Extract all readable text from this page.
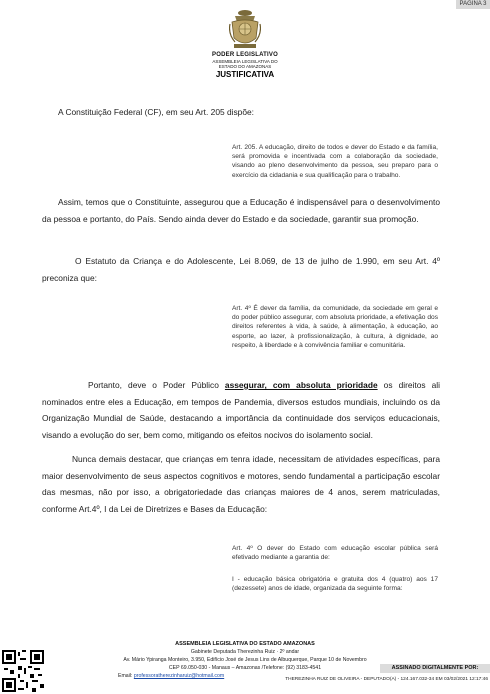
PAGINA 3
PODER LEGISLATIVO
ASSEMBLEIA LEGISLATIVA DO
ESTADO DO AMAZONAS
JUSTIFICATIVA

A Constituição Federal (CF), em seu Art. 205 dispõe:

Art. 205. A educação, direito de todos e dever do Estado e da família, será promovida e incentivada com a colaboração da sociedade, visando ao pleno desenvolvimento da pessoa, seu preparo para o exercício da cidadania e sua qualificação para o trabalho.

Assim, temos que o Constituinte, assegurou que a Educação é indispensável para o desenvolvimento da pessoa e portanto, do País. Sendo ainda dever do Estado e da sociedade, garantir sua promoção.

O Estatuto da Criança e do Adolescente, Lei 8.069, de 13 de julho de 1.990, em seu Art. 4º preconiza que:

Art. 4º É dever da família, da comunidade, da sociedade em geral e do poder público assegurar, com absoluta prioridade, a efetivação dos direitos referentes à vida, à saúde, à alimentação, à educação, ao esporte, ao lazer, à profissionalização, à cultura, à dignidade, ao respeito, à liberdade e à convivência familiar e comunitária.

Portanto, deve o Poder Público assegurar, com absoluta prioridade os direitos ali nominados entre eles a Educação, em tempos de Pandemia, diversos estudos mundiais, incluindo os da Organização Mundial de Saúde, destacando a importância da continuidade dos serviços educacionais, visando a evolução do ser, bem como, mitigando os efeitos nocivos do isolamento social.

Nunca demais destacar, que crianças em tenra idade, necessitam de atividades específicas, para maior desenvolvimento de seus aspectos cognitivos e motores, sendo fundamental a participação escolar das mesmas, não por isso, a obrigatoriedade das crianças maiores de 4 anos, serem matriculadas, conforme Art.4º, I da Lei de Diretrizes e Bases da Educação:

Art. 4º O dever do Estado com educação escolar pública será efetivado mediante a garantia de:

I - educação básica obrigatória e gratuita dos 4 (quatro) aos 17 (dezessete) anos de idade, organizada da seguinte forma:

ASSEMBLEIA LEGISLATIVA DO ESTADO AMAZONAS
Gabinete Deputada Therezinha Ruiz · 2º andar
Av. Mário Ypiranga Monteiro, 3.950, Edifício José de Jesus Lins de Albuquerque, Parque 10 de Novembro
CEP 69.050-030 - Manaus – Amazonas /Telefone: (92) 3183-4541
Email: professoratherezinharuiz@hotmail.com
ASSINADO DIGITALMENTE POR:
THEREZINHA RUIZ DE OLIVEIRA - DEPUTADO(A) - 124.167.032-34 EM 03/02/2021 12:17:46
